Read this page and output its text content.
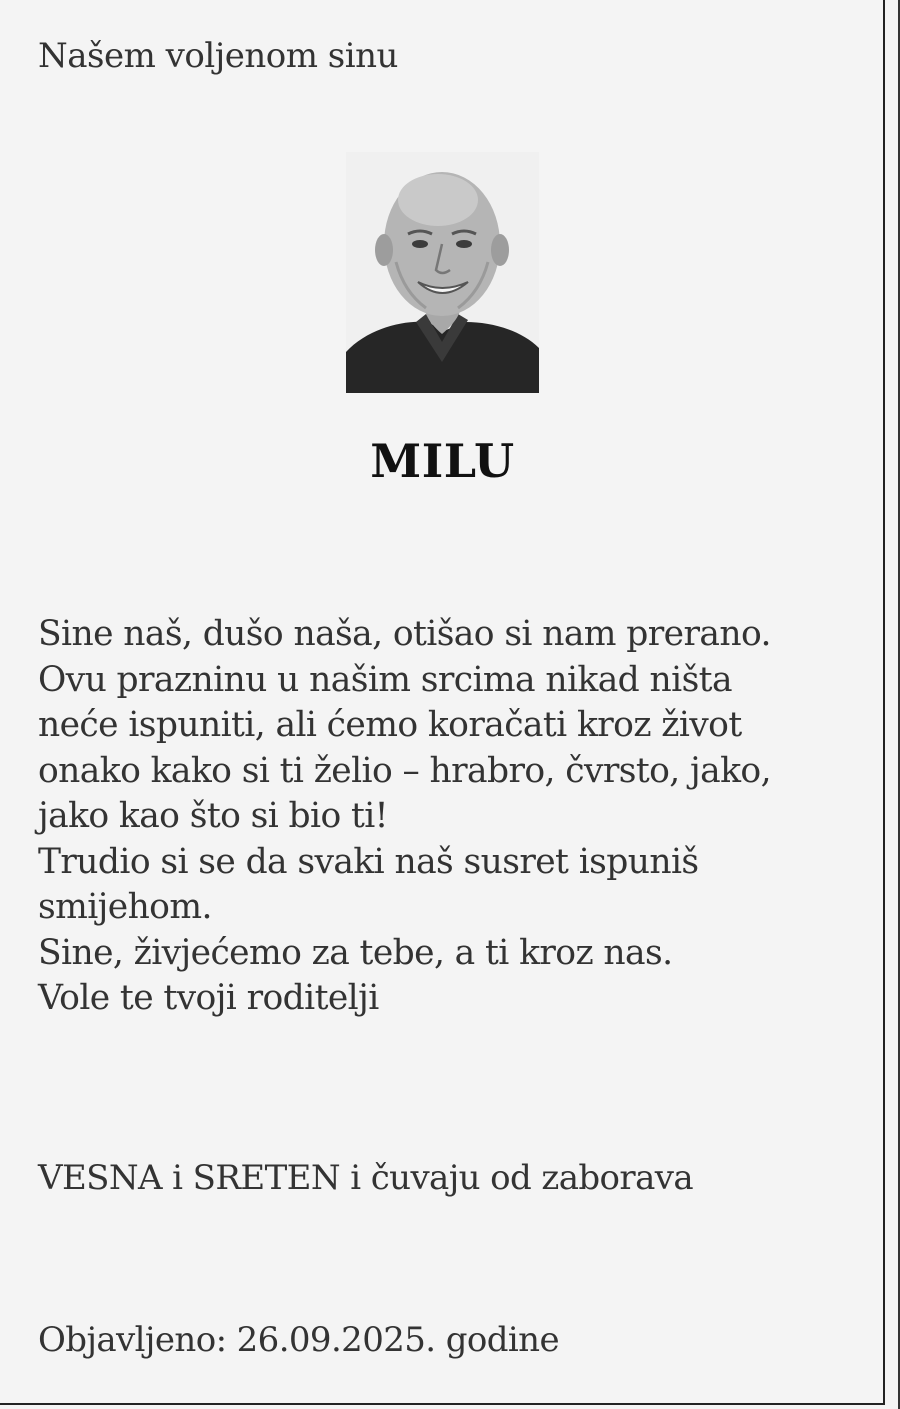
Našem voljenom sinu
MILU
Sine naš, dušo naša, otišao si nam prerano.
Ovu prazninu u našim srcima nikad ništa
neće ispuniti, ali ćemo koračati kroz život
onako kako si ti želio – hrabro, čvrsto, jako,
jako kao što si bio ti!
Trudio si se da svaki naš susret ispuniš
smijehom.
Sine, živjećemo za tebe, a ti kroz nas.
Vole te tvoji roditelji
VESNA i SRETEN i čuvaju od zaborava
Objavljeno: 26.09.2025. godine
